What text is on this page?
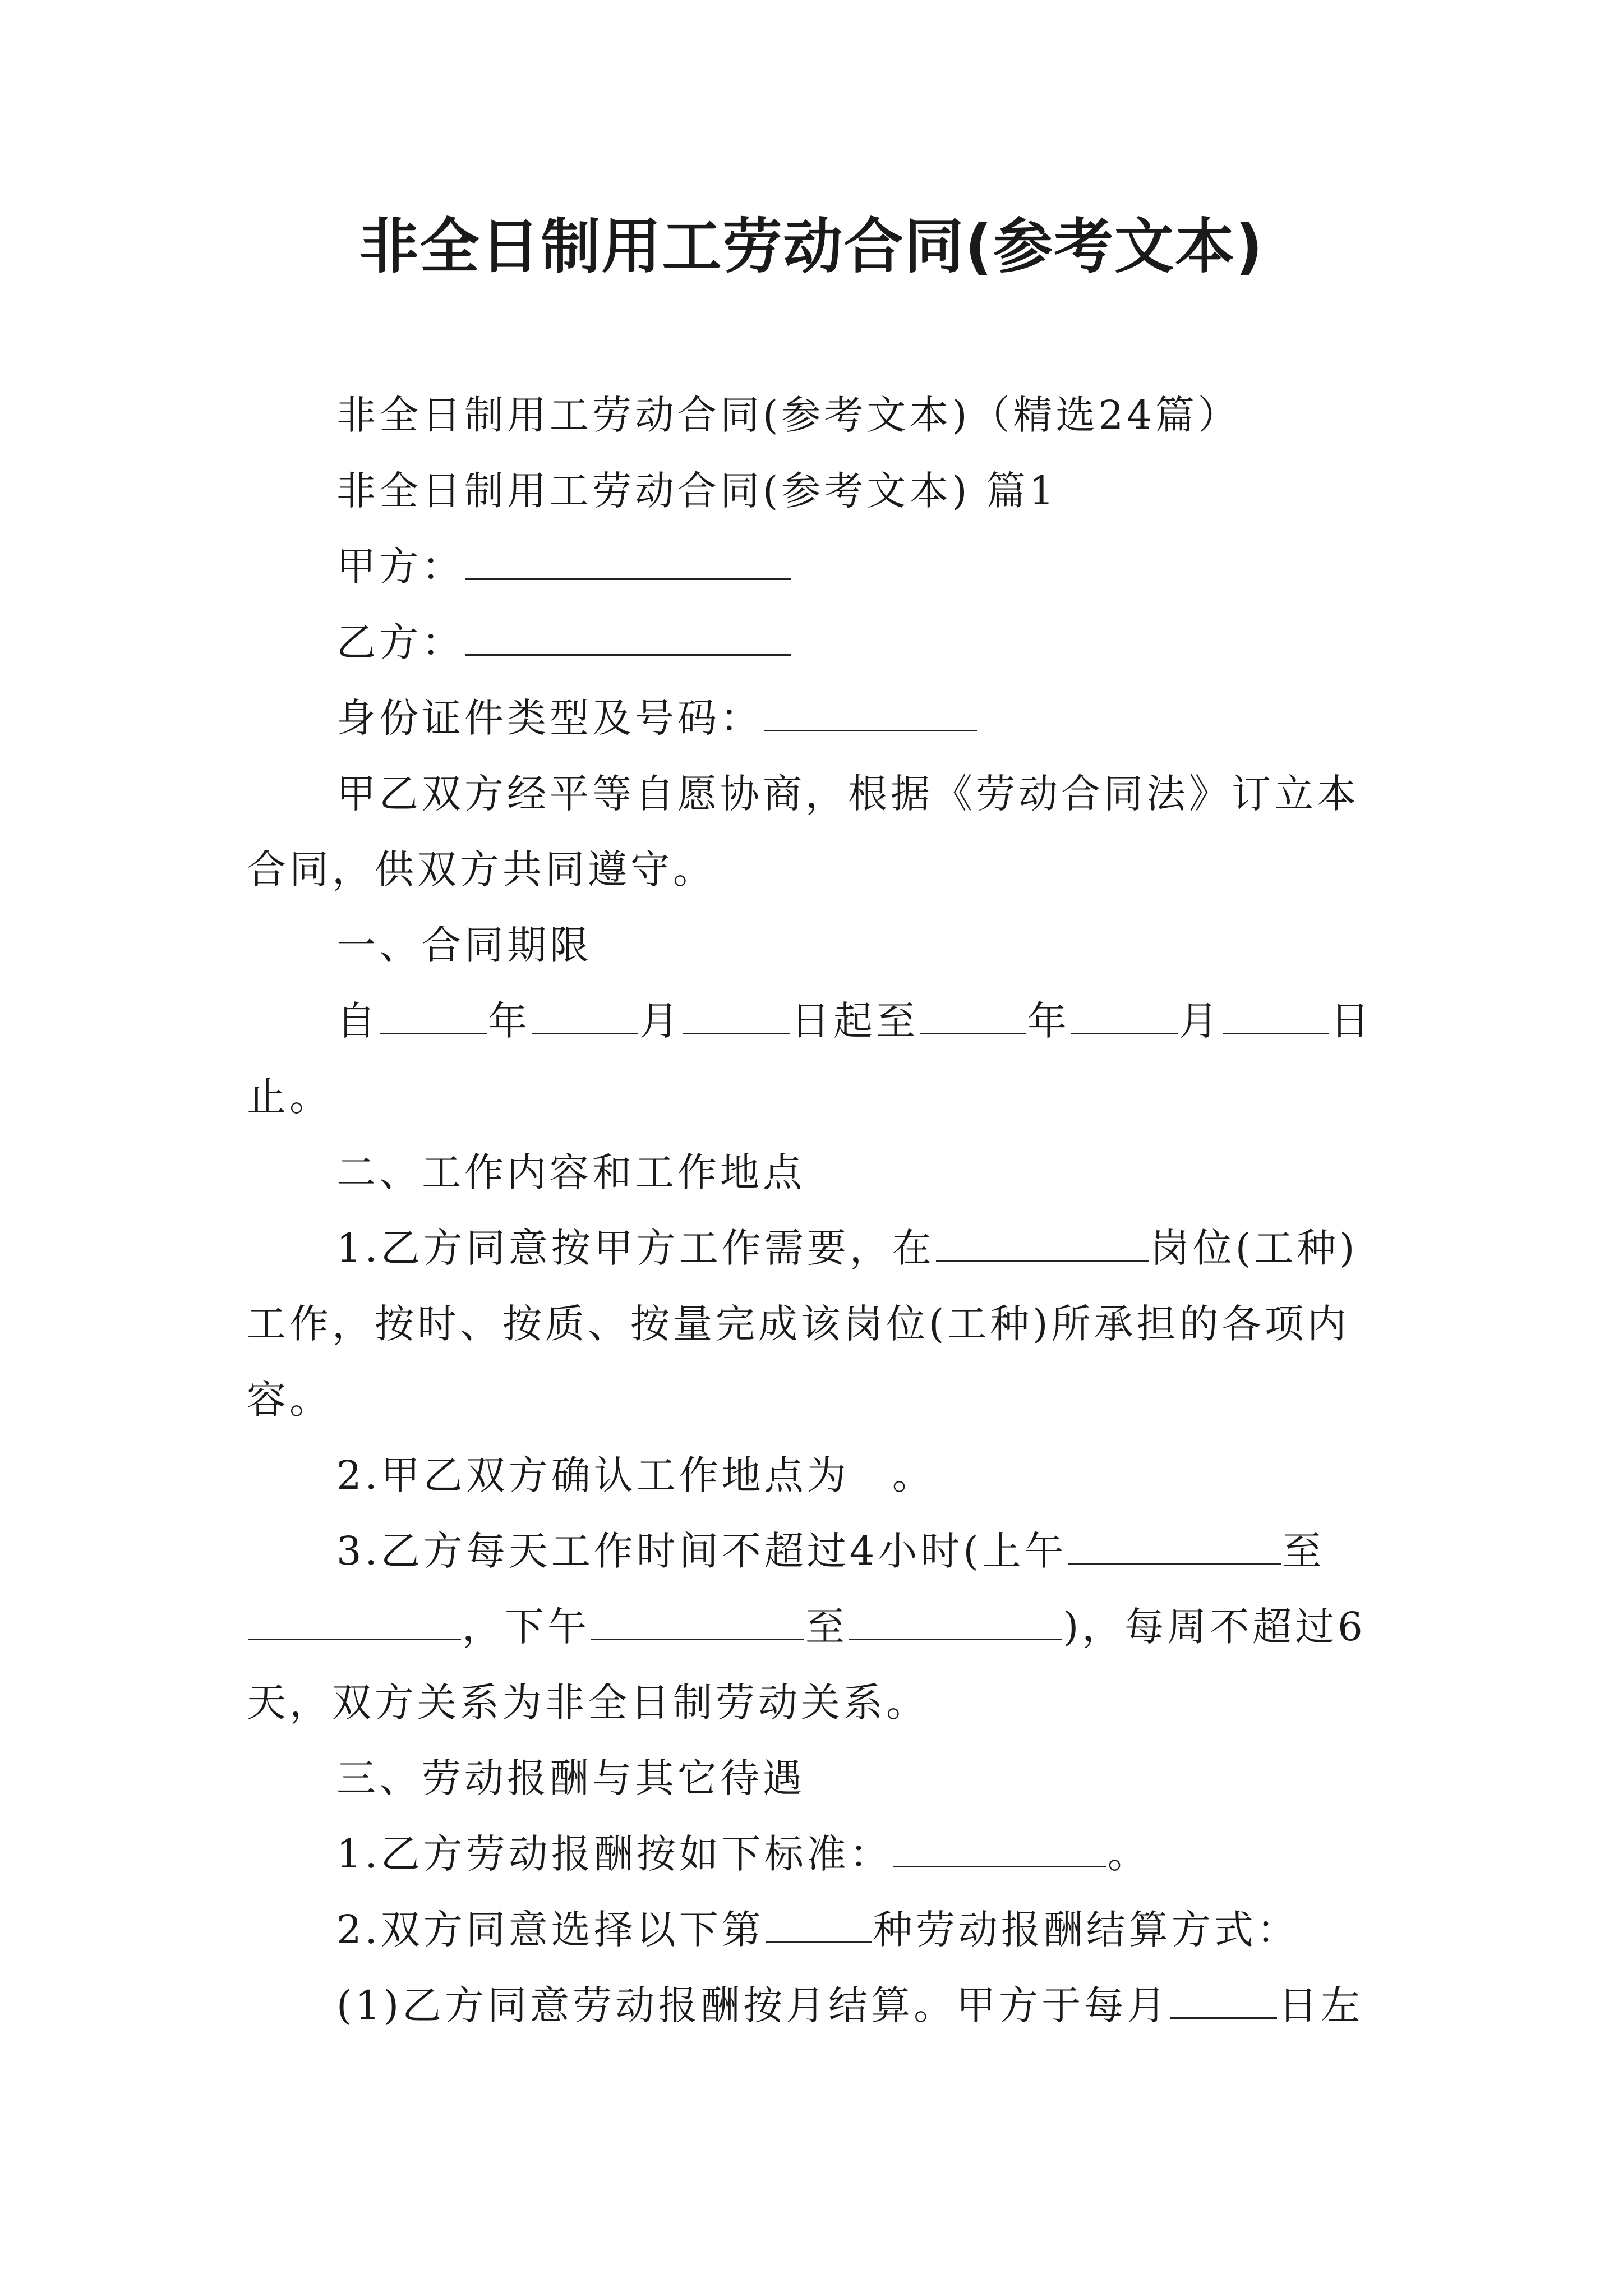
非全日制用工劳动合同(参考文本)
非全日制用工劳动合同(参考文本)（精选24篇）
非全日制用工劳动合同(参考文本) 篇1
甲方：
乙方：
身份证件类型及号码：
甲乙双方经平等自愿协商，根据《劳动合同法》订立本
合同，供双方共同遵守。
一、合同期限
自	年	月	日起至	年	月	日
止。
二、工作内容和工作地点
1.乙方同意按甲方工作需要，在	岗位(工种)
工作，按时、按质、按量完成该岗位(工种)所承担的各项内
容。
2.甲乙双方确认工作地点为　。
3.乙方每天工作时间不超过4小时(上午	至
，下午	至	)，每周不超过6
天，双方关系为非全日制劳动关系。
三、劳动报酬与其它待遇
1.乙方劳动报酬按如下标准：	。
2.双方同意选择以下第	种劳动报酬结算方式：
(1)乙方同意劳动报酬按月结算。甲方于每月	日左
